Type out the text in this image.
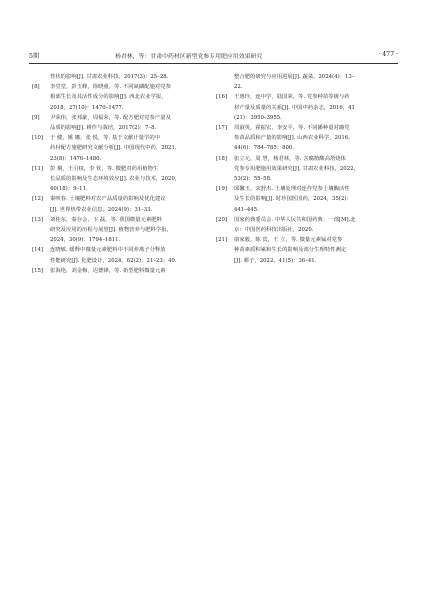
5期	杨君林，等：甘肃中药材区新型党参专用肥应用效果研究	· 477 ·
性状的影响[J]. 甘肃农业科技，2017(3)：25–28.
[8]	李堂堂，彭玉峰，徐晓童，等. 不同氮磷配施对党参
根部生长及其活性成分的影响[J]. 西北农业学报，
2018，27(10)：1470–1477.
[9]	尹荣伟，张邦豪，周福荣，等. 配方肥对党参产量及
品质的影响[J]. 耕作与栽培，2017(2)：7–8.
[10]	于 健，姚 娜，张 悦，等. 基于文献计量学的中
药材配方施肥研究文献分析[J]. 中国现代中药，2021，
23(8)：1476–1480.
[11]	彭 桐，王引权，李 钦，等. 微肥对药用植物生
长品质的影响及生态环境效应[J]. 农业与技术，2020，
40(18)：9–11.
[12]	秦咳春. 土壤肥料对农产品质量的影响及优化建议
[J]. 世界热带农业信息，2024(9)：31–33.
[13]	刘桂东，秦存会，卞 磊，等. 我国微量元素肥料
研究及应用的历程与展望[J]. 植物营养与肥料学报，
2024，30(9)：1794–1811.
[14]	连晓敏. 缓释中微量元素肥料中不同养离子分释放
性能研究[J]. 化肥设计，2024，62(2)：21–23；49.
[15]	张海艳，刘金梅，迟德锋，等. 新型肥料微量元素
整合肥的研究与应用进展[J]. 蔬菜，2024(4)：13–
22.
[16]	王惠玲，连中学，陆国荣，等. 党参种苗等级与药
材产量及质量的关系[J]. 中国中药杂志，2016，41
(21)：3950–3955.
[17]	周淑英，霍振宏，李安平，等. 不同播种量对潞党
参苗品质和产量的影响[J]. 山西农业科学，2016，
44(6)：784–785；800.
[18]	张立元，周 慧，杨君林，等. 含腐植酸高塔烧体
党参专用肥施用效果研究[J]. 甘肃农业科技，2022，
53(2)：55–58.
[19]	邱馨玉，宋舒杰. 土壤处理对连作党参土壤酶活性
及生长的影响[J]. 时珍国医国药，2024，35(2)：
441–445.
[20]	国家药典委员会. 中华人民共和国药典：一部[M].北
京：中国医药科技出版社，2020.
[21]	康家毅，陈 宾，王 立，等. 微量元素锰对党参
种苗素质积累和生长的影响及部分生理特性测定
[J]. 耕子，2022，41(5)：36–41.
